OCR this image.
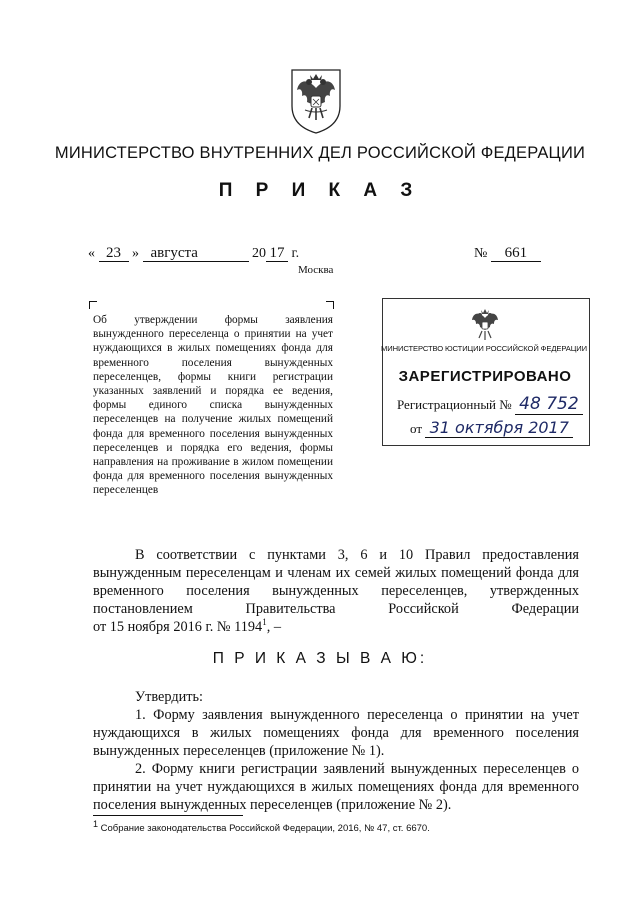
МИНИСТЕРСТВО ВНУТРЕННИХ ДЕЛ РОССИЙСКОЙ ФЕДЕРАЦИИ
П Р И К А З
« 23 » августа	20 17 г.	№ 661
Москва
Об утверждении формы заявления вынужденного переселенца о принятии на учет нуждающихся в жилых помещениях фонда для временного поселения вынужденных переселенцев, формы книги регистрации указанных заявлений и порядка ее ведения, формы единого списка вынужденных переселенцев на получение жилых помещений фонда для временного поселения вынужденных переселенцев и порядка его ведения, формы направления на проживание в жилом помещении фонда для временного поселения вынужденных переселенцев
МИНИСТЕРСТВО ЮСТИЦИИ РОССИЙСКОЙ ФЕДЕРАЦИИ
ЗАРЕГИСТРИРОВАНО
Регистрационный № 48 752
от 31 октября 2017
В соответствии с пунктами 3, 6 и 10 Правил предоставления вынужденным переселенцам и членам их семей жилых помещений фонда для временного поселения вынужденных переселенцев, утвержденных постановлением Правительства Российской Федерации
от 15 ноября 2016 г. № 1194$^1$, –
П Р И К А З Ы В А Ю:
Утвердить:
1. Форму заявления вынужденного переселенца о принятии на учет нуждающихся в жилых помещениях фонда для временного поселения вынужденных переселенцев (приложение № 1).
2. Форму книги регистрации заявлений вынужденных переселенцев о принятии на учет нуждающихся в жилых помещениях фонда для временного поселения вынужденных переселенцев (приложение № 2).
$^1$ Собрание законодательства Российской Федерации, 2016, № 47, ст. 6670.
